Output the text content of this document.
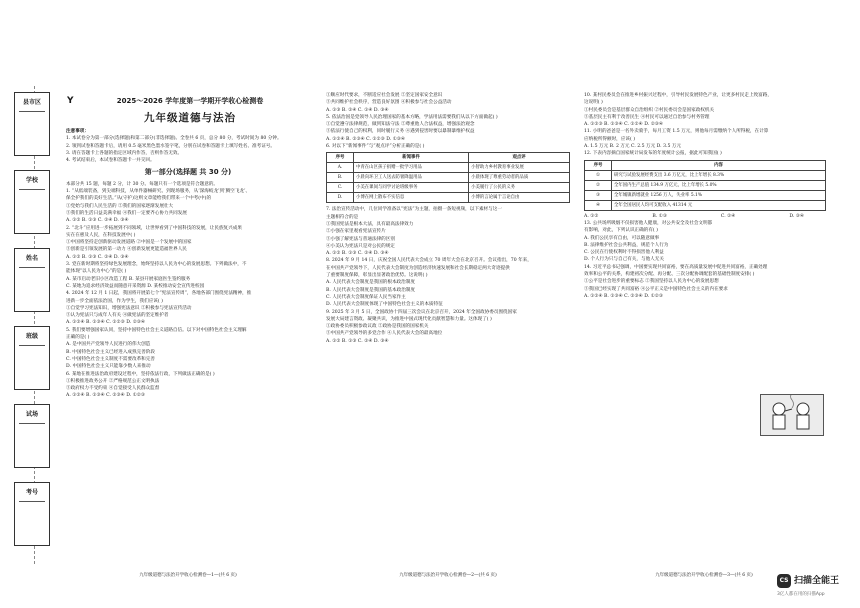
县市区
学校
姓名
班级
试场
考号
Y	2025～2026 学年度第一学期开学收心检测卷
九年级道德与法治

注意事项：

1. 本试卷分为第一部分(选择题)和第二部分(非选择题)。全卷共 6 页，总分 80 分，考试时间为 80 分钟。

2. 领到试卷和答题卡后，请用 0.5 毫米黑色墨水签字笔，分别在试卷和答题卡上填写姓名、准考证号。

3. 请在答题卡上各题的指定区域内作答，否则作答无效。

4. 考试结束后，本试卷和答题卡一并交回。

第一部分(选择题 共 30 分)

本部分共 15 题，每题 2 分，计 30 分。每题只有一个选项是符合题意的。

1. “从低端装备，到尖端科技，从单件器械研究、到现场服务，从‘深海蛟龙’到‘腾空飞龙’、

保全护我们的美好生活。”从(守护)这则文章能给我们带来一个中考(中)的

①党始与我们人民生活的 ②我们的国家逐渐发展壮大

③我们的生活日益美满幸福 ④我们一定要齐心协力共同发展

A. ①② B. ①③ C. ②④ D. ③④

2. “北斗”应用进一步拓展到不同领域，让世界看到了中国科技的发展，让民族复兴成果

实在在惠及人民，在科技发展中( )

①中国将坚持走创新驱动发展道路 ②中国是一个发展中的国家

③创新是引领发展的第一动力 ④创新发展更能造福世界人民

A. ①② B. ①③ C. ②④ D. ③④

3. 党在新时期将坚持绿色发展理念，始终坚持以人民为中心的发展思想。下列做法中，不

能体现“以人民为中心”的是( )

A. 某市启动老旧小区改造工程 B. 某县开展家庭医生签约服务

C. 某地为追求经济效益而随意开采资源 D. 某校推动安全宣传进校园

4. 2024 年 12 月 1 日起，我国将开展第七个“宪法宣传周”，各地各部门围绕宪法精神，推

进新一步全面依法治国，作为学生，我们应该( )

①自觉学习宪法知识，增强宪法意识 ②积极参与宪法宣传活动

③认为宪法只与成年人有关 ④做宪法的坚定维护者

A. ①②④ B. ①③④ C. ①②③ D. ②③④

5. 我们要增强国家认同，坚持中国特色社会主义道路自信。以下对中国特色社会主义理解

正确的是( )

A. 是中国共产党领导人民进行的伟大创造

B. 中国特色社会主义已经进入成熟完善阶段

C. 中国特色社会主义制度不需要改革和完善

D. 中国特色社会主义只能靠少数人来推动

6. 某地在推进法治政府建设过程中，坚持依法行政，下列做法正确的是( )

①积极推进政务公开 ②严格规范公正文明执法

③政府权力不受约束 ④自觉接受人民群众监督

A. ①②④ B. ①③④ C. ②③④ D. ①②③

①顺应时代要求，不断适应社会发展 ②坚定国家安全意识

③共同维护社会秩序，营造良好氛围 ④积极参与社会公益活动

A. ①③ B. ②④ C. ①④ D. ③④

5. 依法治国是党领导人民治理国家的基本方略，学法用法需要我们从以下方面做起( )

①自觉遵守法律规范，做到知法守法 ②尊重他人合法权益，增强法治观念

③依法行使自己的权利，同时履行义务 ④遇到侵害时要以暴制暴维护权益

A. ①②④ B. ②③④ C. ①②③ D. ①③④

6. 对以下“新闻事件”与“观点评”分析正确的是( )

序号	新闻事件	观点评
A.	中青在山区孩子捐赠一批学习用品	小智助力乡村教育事业发展
B.	小晨向环卫工人送去防暑降温用品	小晨体现了尊重劳动者的品质
C.	小美在课间与同学讨论班级事务	小美履行了公民的义务
D.	小博在网上散布不实信息	小博的言论属于言论自由

7. 法治宣传活动中，几位同学准备以“宪法”为主题，拍摄一条短视频，以下素材与这一

主题相符合的是

①我国宪法是根本大法，具有最高法律效力

②小强在家里观看宪法宣传片

③小强了解宪法与普通法律的区别

④小美认为宪法只是对公民的规定

A. ①② B. ①③ C. ②④ D. ③④

8. 2024 年 9 月 14 日，庆祝全国人民代表大会成立 70 周年大会在北京召开。会议指出，70 年来，

在中国共产党领导下，人民代表大会制度为创造经济快速发展和社会长期稳定两大奇迹提供

了重要制度保障，彰显出显著政治优势。这说明( )

A. 人民代表大会制度是我国的根本政治制度

B. 人民代表大会制度是我国的基本政治制度

C. 人民代表大会制度保证人民当家作主

D. 人民代表大会制度体现了中国特色社会主义的本质特征

9. 2025 年 3 月 5 日，全国政协十四届三次会议在北京召开，2024 年全国政协委员围绕国家

发展大局建言资政、凝聚共识，为推进中国式现代化贡献智慧和力量。这体现了( )

①政协委员积极参政议政 ②政协是我国的国家机关

③中国共产党领导的多党合作 ④人民代表大会的最高地位

A. ①② B. ①③ C. ②④ D. ③④

10. 某村民委员会在推进乡村振兴过程中，引导村民发展特色产业，让更多村民走上致富路，

这说明( )

①村民委员会是基层群众自治组织 ②村民委员会是国家政权机关

③基层民主有利于改善民生 ④村民可以通过自治参与村务管理

A. ①②③ B. ①③④ C. ①②④ D. ②③④

11. 小明的爸爸是一名外卖骑手，每月工资 1.5 万元，则他每月需缴纳个人所得税，在计算

应纳税所得额时，应该( )

A. 1.5 万元 B. 2 万元 C. 2.5 万元 D. 3.5 万元

12. 下表内容摘自国家统计局发布的年度统计公报，据此可知我国( )

序号	内容
①	研究与试验发展经费支出 3.6 万亿元，比上年增长 8.3%
②	全年国内生产总值 134.9 万亿元，比上年增长 5.0%
③	全年城镇新增就业 1256 万人，失业率 5.1%
④	全年全国居民人均可支配收入 41314 元
A. ①②	B. ①③	C. ②④	D. ③④

13. 公共场所吸烟不仅损害他人健康，对公共安全及社会文明都

有影响，对此，下列认识正确的有( )

A. 我们公民享有自由，可以随意做事

B. 法律维护社会公共利益，规范个人行为

C. 公民在行使权利时不得损害他人利益

D. 个人行为只与自己有关，与他人无关

14. 习近平总书记强调，中国要实现共同富裕，要在高质量发展中促进共同富裕，正确处理

效率和公平的关系，构建初次分配、再分配、三次分配协调配套的基础性制度安排( )

①公平是社会进步的重要标志 ②我国坚持以人民为中心的发展思想

③我国已经实现了共同富裕 ④公平正义是中国特色社会主义的内在要求

A. ①②④ B. ①③④ C. ②③④ D. ①②③

九年级道德与法治开学收心检测卷—1—(共 6 页)	九年级道德与法治开学收心检测卷—2—(共 6 页)	九年级道德与法治开学收心检测卷—3—(共 6 页)
CS 扫描全能王
3亿人都在用的扫描App
